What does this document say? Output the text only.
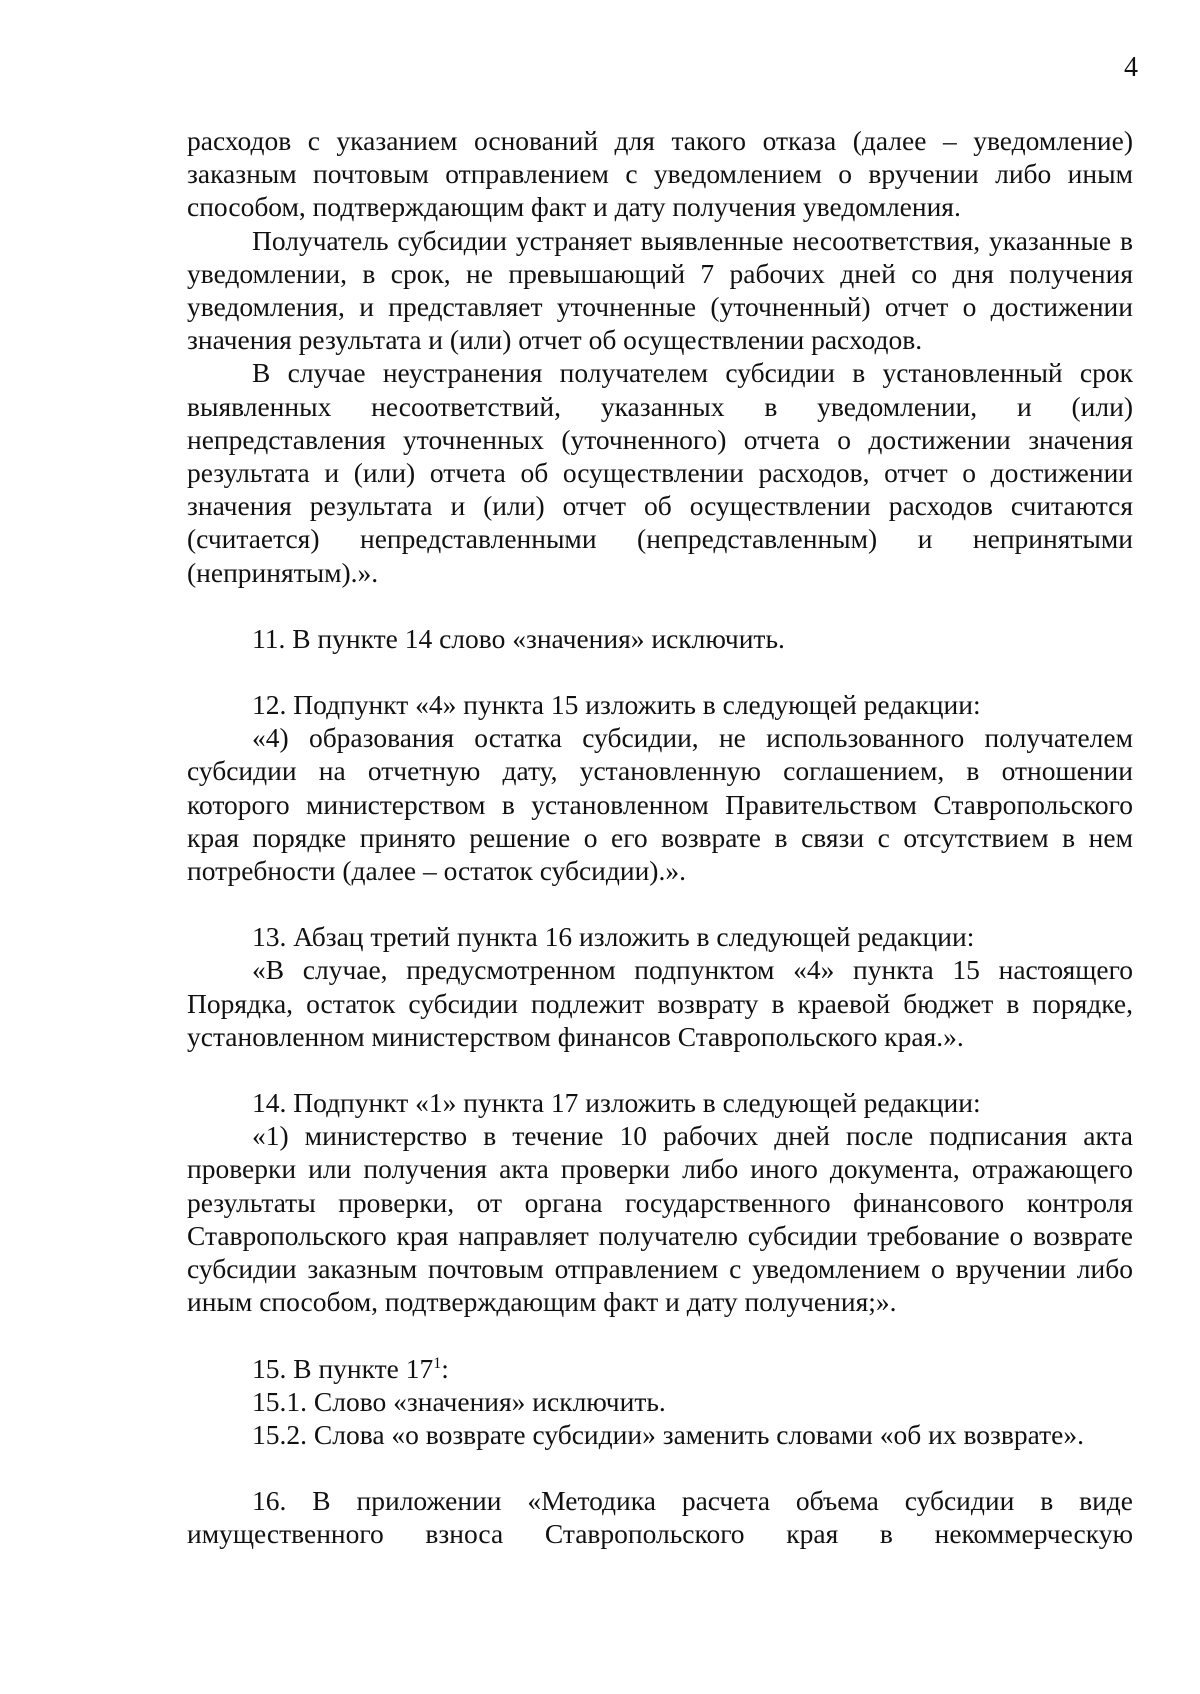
4

расходов с указанием оснований для такого отказа (далее – уведомление) заказным почтовым отправлением с уведомлением о вручении либо иным способом, подтверждающим факт и дату получения уведомления.

Получатель субсидии устраняет выявленные несоответствия, указанные в уведомлении, в срок, не превышающий 7 рабочих дней со дня получения уведомления, и представляет уточненные (уточненный) отчет о достижении значения результата и (или) отчет об осуществлении расходов.

В случае неустранения получателем субсидии в установленный срок выявленных несоответствий, указанных в уведомлении, и (или) непредставления уточненных (уточненного) отчета о достижении значения результата и (или) отчета об осуществлении расходов, отчет о достижении значения результата и (или) отчет об осуществлении расходов считаются (считается) непредставленными (непредставленным) и непринятыми (непринятым).».

11. В пункте 14 слово «значения» исключить.

12. Подпункт «4» пункта 15 изложить в следующей редакции:

«4) образования остатка субсидии, не использованного получателем субсидии на отчетную дату, установленную соглашением, в отношении которого министерством в установленном Правительством Ставропольского края порядке принято решение о его возврате в связи с отсутствием в нем потребности (далее – остаток субсидии).».

13. Абзац третий пункта 16 изложить в следующей редакции:

«В случае, предусмотренном подпунктом «4» пункта 15 настоящего Порядка, остаток субсидии подлежит возврату в краевой бюджет в порядке, установленном министерством финансов Ставропольского края.».

14. Подпункт «1» пункта 17 изложить в следующей редакции:

«1) министерство в течение 10 рабочих дней после подписания акта проверки или получения акта проверки либо иного документа, отражающего результаты проверки, от органа государственного финансового контроля Ставропольского края направляет получателю субсидии требование о возврате субсидии заказным почтовым отправлением с уведомлением о вручении либо иным способом, подтверждающим факт и дату получения;».

15. В пункте $17^1$:

15.1. Слово «значения» исключить.

15.2. Слова «о возврате субсидии» заменить словами «об их возврате».

16. В приложении «Методика расчета объема субсидии в виде имущественного взноса Ставропольского края в некоммерческую
